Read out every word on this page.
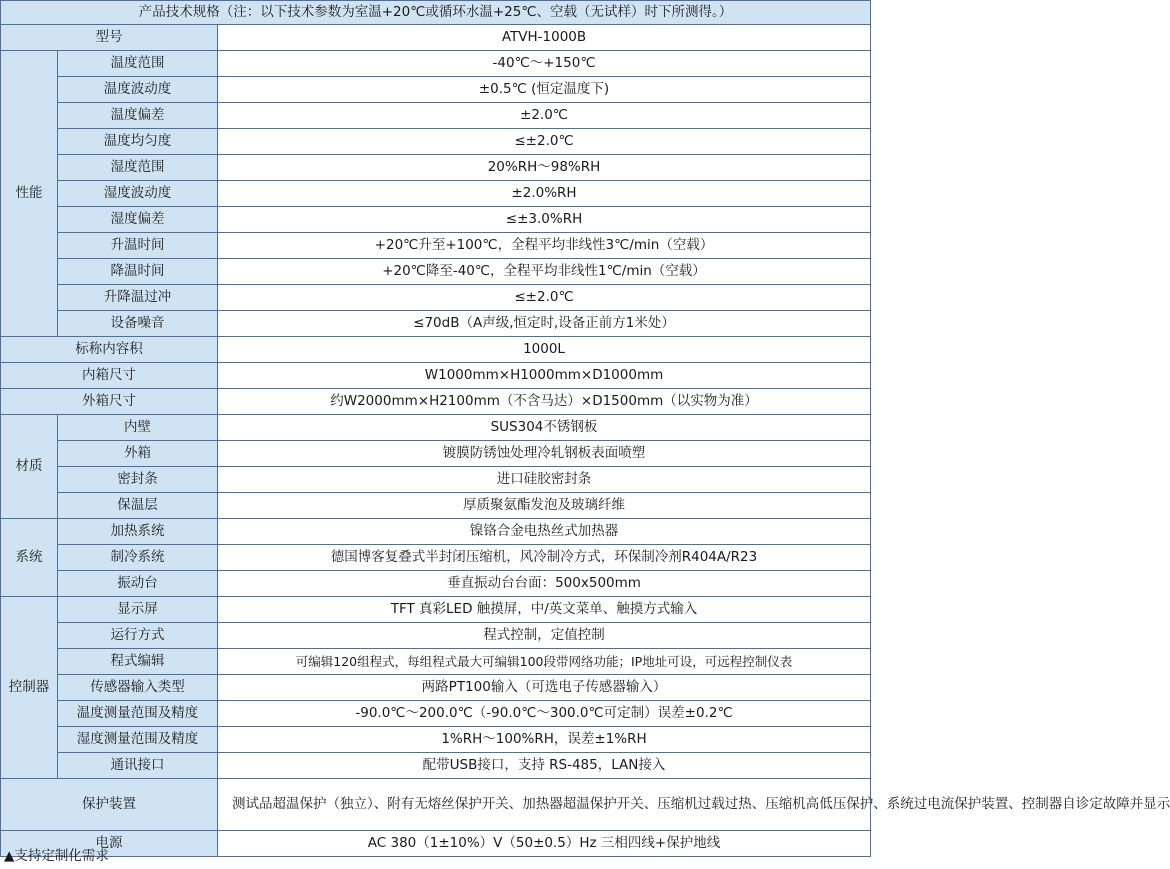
产品技术规格（注：以下技术参数为室温+20℃或循环水温+25℃、空载（无试样）时下所测得。）		
型号		ATVH-1000B
性能	温度范围	-40℃～+150℃
	温度波动度	±0.5℃ (恒定温度下)
	温度偏差	±2.0℃
	温度均匀度	≤±2.0℃
	湿度范围	20%RH～98%RH
	湿度波动度	±2.0%RH
	湿度偏差	≤±3.0%RH
	升温时间	+20℃升至+100℃，全程平均非线性3℃/min（空载）
	降温时间	+20℃降至-40℃，全程平均非线性1℃/min（空载）
	升降温过冲	≤±2.0℃
	设备噪音	≤70dB（A声级,恒定时,设备正前方1米处）
标称内容积		1000L
内箱尺寸		W1000mm×H1000mm×D1000mm
外箱尺寸		约W2000mm×H2100mm（不含马达）×D1500mm（以实物为准）
材质	内壁	SUS304不锈钢板
	外箱	镀膜防锈蚀处理冷轧钢板表面喷塑
	密封条	进口硅胶密封条
	保温层	厚质聚氨酯发泡及玻璃纤维
系统	加热系统	镍铬合金电热丝式加热器
	制冷系统	德国博客复叠式半封闭压缩机，风冷制冷方式，环保制冷剂R404A/R23
	振动台	垂直振动台台面：500x500mm
控制器	显示屏	TFT 真彩LED 触摸屏，中/英文菜单、触摸方式输入
	运行方式	程式控制，定值控制
	程式编辑	可编辑120组程式，每组程式最大可编辑100段带网络功能；IP地址可设，可远程控制仪表
	传感器输入类型	两路PT100输入（可选电子传感器输入）
	温度测量范围及精度	-90.0℃～200.0℃（-90.0℃～300.0℃可定制）误差±0.2℃
	湿度测量范围及精度	1%RH～100%RH，误差±1%RH
	通讯接口	配带USB接口，支持 RS-485，LAN接入
保护装置		测试品超温保护（独立）、附有无熔丝保护开关、加热器超温保护开关、压缩机过载过热、压缩机高低压保护、系统过电流保护装置、控制器自诊定故障并显示
电源		AC 380（1±10%）V（50±0.5）Hz 三相四线+保护地线
▲支持定制化需求
